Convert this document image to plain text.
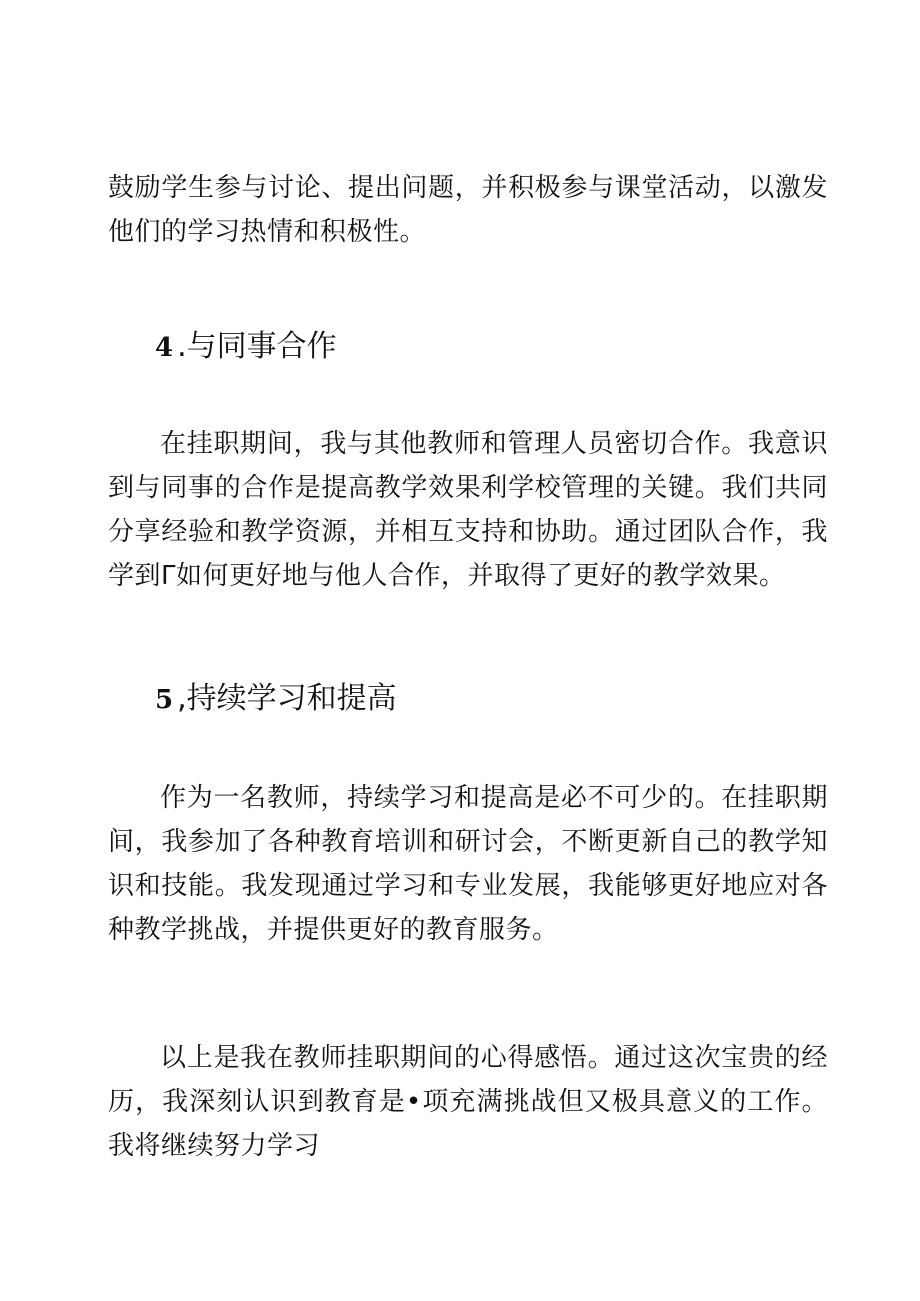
鼓励学生参与讨论、提出问题，并积极参与课堂活动，以激发他们的学习热情和积极性。

4 .与同事合作

在挂职期间，我与其他教师和管理人员密切合作。我意识到与同事的合作是提高教学效果利学校管理的关键。我们共同分享经验和教学资源，并相互支持和协助。通过团队合作，我学到Γ如何更好地与他人合作，并取得了更好的教学效果。

5 ,持续学习和提高

作为一名教师，持续学习和提高是必不可少的。在挂职期间，我参加了各种教育培训和研讨会，不断更新自己的教学知识和技能。我发现通过学习和专业发展，我能够更好地应对各种教学挑战，并提供更好的教育服务。

以上是我在教师挂职期间的心得感悟。通过这次宝贵的经历，我深刻认识到教育是•项充满挑战但又极具意义的工作。我将继续努力学习
